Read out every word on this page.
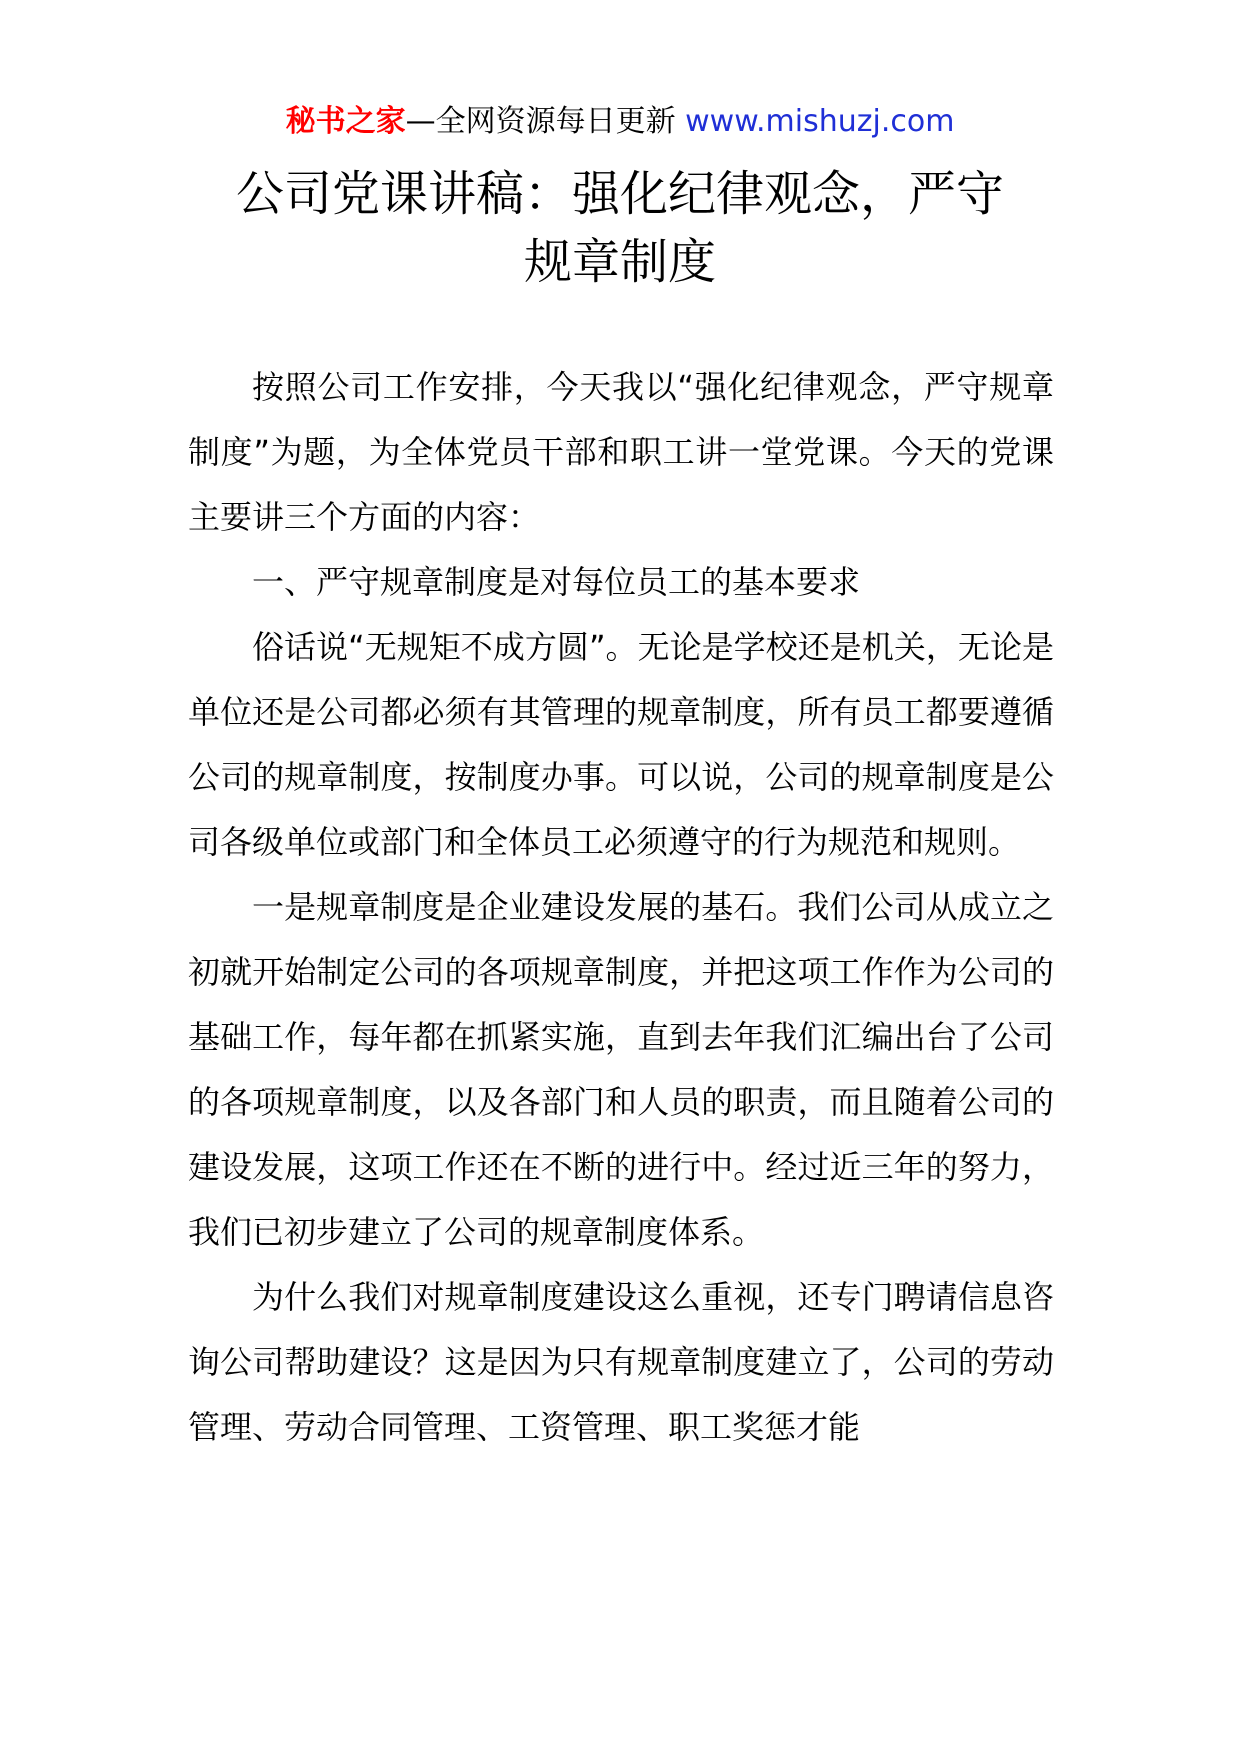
秘书之家—全网资源每日更新 www.mishuzj.com
公司党课讲稿：强化纪律观念，严守
规章制度

按照公司工作安排，今天我以“强化纪律观念，严守规章制度”为题，为全体党员干部和职工讲一堂党课。今天的党课主要讲三个方面的内容：

一、严守规章制度是对每位员工的基本要求

俗话说“无规矩不成方圆”。无论是学校还是机关，无论是单位还是公司都必须有其管理的规章制度，所有员工都要遵循公司的规章制度，按制度办事。可以说，公司的规章制度是公司各级单位或部门和全体员工必须遵守的行为规范和规则。

一是规章制度是企业建设发展的基石。我们公司从成立之初就开始制定公司的各项规章制度，并把这项工作作为公司的基础工作，每年都在抓紧实施，直到去年我们汇编出台了公司的各项规章制度，以及各部门和人员的职责，而且随着公司的建设发展，这项工作还在不断的进行中。经过近三年的努力，我们已初步建立了公司的规章制度体系。

为什么我们对规章制度建设这么重视，还专门聘请信息咨询公司帮助建设？这是因为只有规章制度建立了，公司的劳动管理、劳动合同管理、工资管理、职工奖惩才能
